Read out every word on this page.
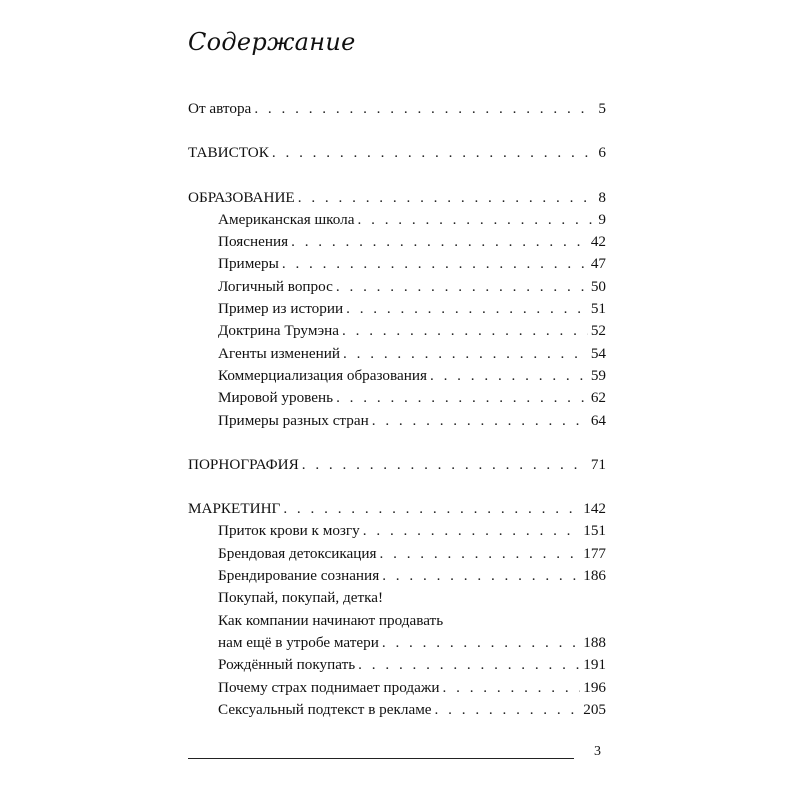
Содержание
От автора . . .	5
ТАВИСТОК . . .	6
ОБРАЗОВАНИЕ . . .	8
Американская школа . . .	9
Пояснения . . .	42
Примеры . . .	47
Логичный вопрос . . .	50
Пример из истории . . .	51
Доктрина Трумэна . . .	52
Агенты изменений . . .	54
Коммерциализация образования . . .	59
Мировой уровень . . .	62
Примеры разных стран . . .	64
ПОРНОГРАФИЯ . . .	71
МАРКЕТИНГ . . .	142
Приток крови к мозгу . . .	151
Брендовая детоксикация . . .	177
Брендирование сознания . . .	186
Покупай, покупай, детка!
Как компании начинают продавать
нам ещё в утробе матери . . .	188
Рождённый покупать . . .	191
Почему страх поднимает продажи . . .	196
Сексуальный подтекст в рекламе . . .	205
3
